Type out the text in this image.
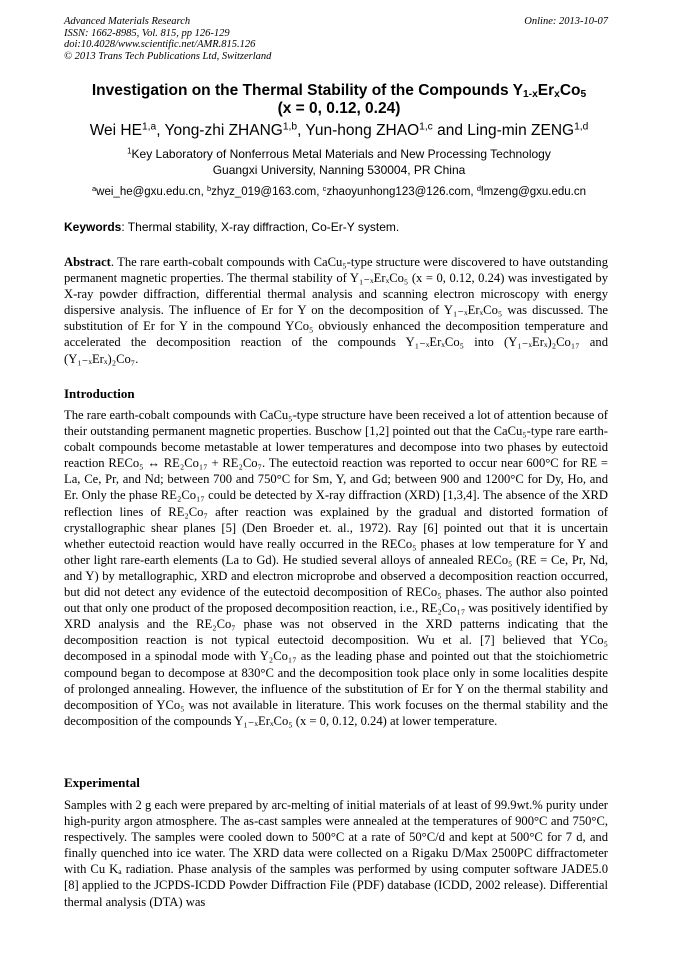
Advanced Materials Research
ISSN: 1662-8985, Vol. 815, pp 126-129
doi:10.4028/www.scientific.net/AMR.815.126
© 2013 Trans Tech Publications Ltd, Switzerland
Online: 2013-10-07
Investigation on the Thermal Stability of the Compounds $Y_{1-x}Er_xCo_5$
(x = 0, 0.12, 0.24)
Wei HE$^{1,a}$, Yong-zhi ZHANG$^{1,b}$, Yun-hong ZHAO$^{1,c}$ and Ling-min ZENG$^{1,d}$
$^1$Key Laboratory of Nonferrous Metal Materials and New Processing Technology
Guangxi University, Nanning 530004, PR China
$^a$wei_he@gxu.edu.cn, $^b$zhyz_019@163.com, $^c$zhaoyunhong123@126.com, $^d$lmzeng@gxu.edu.cn
Keywords: Thermal stability, X-ray diffraction, Co-Er-Y system.
Abstract. The rare earth-cobalt compounds with CaCu₅-type structure were discovered to have outstanding permanent magnetic properties. The thermal stability of Y₁₋ₓErₓCo₅ (x = 0, 0.12, 0.24) was investigated by X-ray powder diffraction, differential thermal analysis and scanning electron microscopy with energy dispersive analysis. The influence of Er for Y on the decomposition of Y₁₋ₓErₓCo₅ was discussed. The substitution of Er for Y in the compound YCo₅ obviously enhanced the decomposition temperature and accelerated the decomposition reaction of the compounds Y₁₋ₓErₓCo₅ into (Y₁₋ₓErₓ)₂Co₁₇ and (Y₁₋ₓErₓ)₂Co₇.
Introduction
The rare earth-cobalt compounds with CaCu₅-type structure have been received a lot of attention because of their outstanding permanent magnetic properties. Buschow [1,2] pointed out that the CaCu₅-type rare earth-cobalt compounds become metastable at lower temperatures and decompose into two phases by eutectoid reaction RECo₅ ↔ RE₂Co₁₇ + RE₂Co₇. The eutectoid reaction was reported to occur near 600°C for RE = La, Ce, Pr, and Nd; between 700 and 750°C for Sm, Y, and Gd; between 900 and 1200°C for Dy, Ho, and Er. Only the phase RE₂Co₁₇ could be detected by X-ray diffraction (XRD) [1,3,4]. The absence of the XRD reflection lines of RE₂Co₇ after reaction was explained by the gradual and distorted formation of crystallographic shear planes [5] (Den Broeder et. al., 1972). Ray [6] pointed out that it is uncertain whether eutectoid reaction would have really occurred in the RECo₅ phases at low temperature for Y and other light rare-earth elements (La to Gd). He studied several alloys of annealed RECo₅ (RE = Ce, Pr, Nd, and Y) by metallographic, XRD and electron microprobe and observed a decomposition reaction occurred, but did not detect any evidence of the eutectoid decomposition of RECo₅ phases. The author also pointed out that only one product of the proposed decomposition reaction, i.e., RE₂Co₁₇ was positively identified by XRD analysis and the RE₂Co₇ phase was not observed in the XRD patterns indicating that the decomposition reaction is not typical eutectoid decomposition. Wu et al. [7] believed that YCo₅ decomposed in a spinodal mode with Y₂Co₁₇ as the leading phase and pointed out that the stoichiometric compound began to decompose at 830°C and the decomposition took place only in some localities despite of prolonged annealing. However, the influence of the substitution of Er for Y on the thermal stability and decomposition of YCo₅ was not available in literature. This work focuses on the thermal stability and the decomposition of the compounds Y₁₋ₓErₓCo₅ (x = 0, 0.12, 0.24) at lower temperature.
Experimental
Samples with 2 g each were prepared by arc-melting of initial materials of at least of 99.9wt.% purity under high-purity argon atmosphere. The as-cast samples were annealed at the temperatures of 900°C and 750°C, respectively. The samples were cooled down to 500°C at a rate of 50°C/d and kept at 500°C for 7 d, and finally quenched into ice water. The XRD data were collected on a Rigaku D/Max 2500PC diffractometer with Cu Kₐ radiation. Phase analysis of the samples was performed by using computer software JADE5.0 [8] applied to the JCPDS-ICDD Powder Diffraction File (PDF) database (ICDD, 2002 release). Differential thermal analysis (DTA) was
